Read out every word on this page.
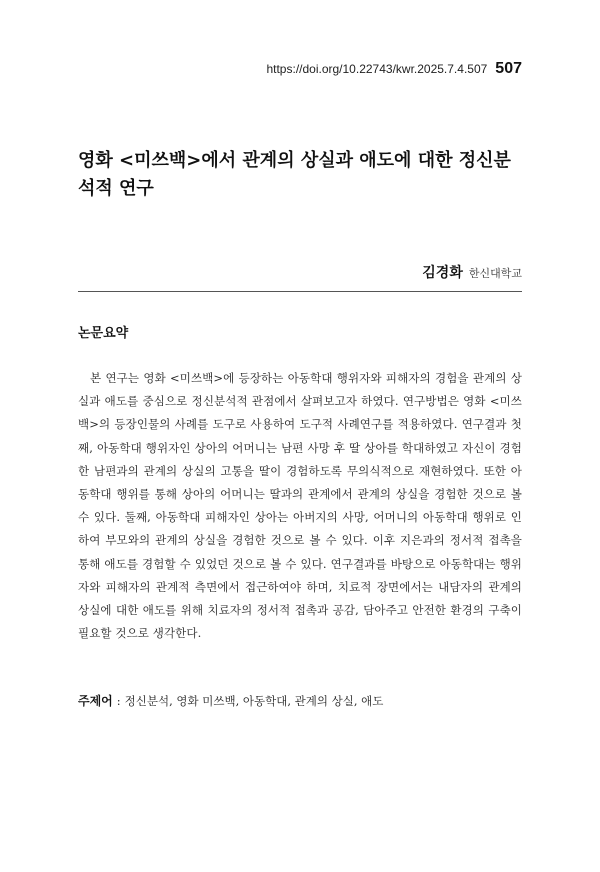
https://doi.org/10.22743/kwr.2025.7.4.507 507
영화 <미쓰백>에서 관계의 상실과 애도에 대한 정신분석적 연구
김경화 한신대학교
논문요약

본 연구는 영화 <미쓰백>에 등장하는 아동학대 행위자와 피해자의 경험을 관계의 상실과 애도를 중심으로 정신분석적 관점에서 살펴보고자 하였다. 연구방법은 영화 <미쓰백>의 등장인물의 사례를 도구로 사용하여 도구적 사례연구를 적용하였다. 연구결과 첫째, 아동학대 행위자인 상아의 어머니는 남편 사망 후 딸 상아를 학대하였고 자신이 경험한 남편과의 관계의 상실의 고통을 딸이 경험하도록 무의식적으로 재현하였다. 또한 아동학대 행위를 통해 상아의 어머니는 딸과의 관계에서 관계의 상실을 경험한 것으로 볼 수 있다. 둘째, 아동학대 피해자인 상아는 아버지의 사망, 어머니의 아동학대 행위로 인하여 부모와의 관계의 상실을 경험한 것으로 볼 수 있다. 이후 지은과의 정서적 접촉을 통해 애도를 경험할 수 있었던 것으로 볼 수 있다. 연구결과를 바탕으로 아동학대는 행위자와 피해자의 관계적 측면에서 접근하여야 하며, 치료적 장면에서는 내담자의 관계의 상실에 대한 애도를 위해 치료자의 정서적 접촉과 공감, 담아주고 안전한 환경의 구축이 필요할 것으로 생각한다.

주제어 : 정신분석, 영화 미쓰백, 아동학대, 관계의 상실, 애도
